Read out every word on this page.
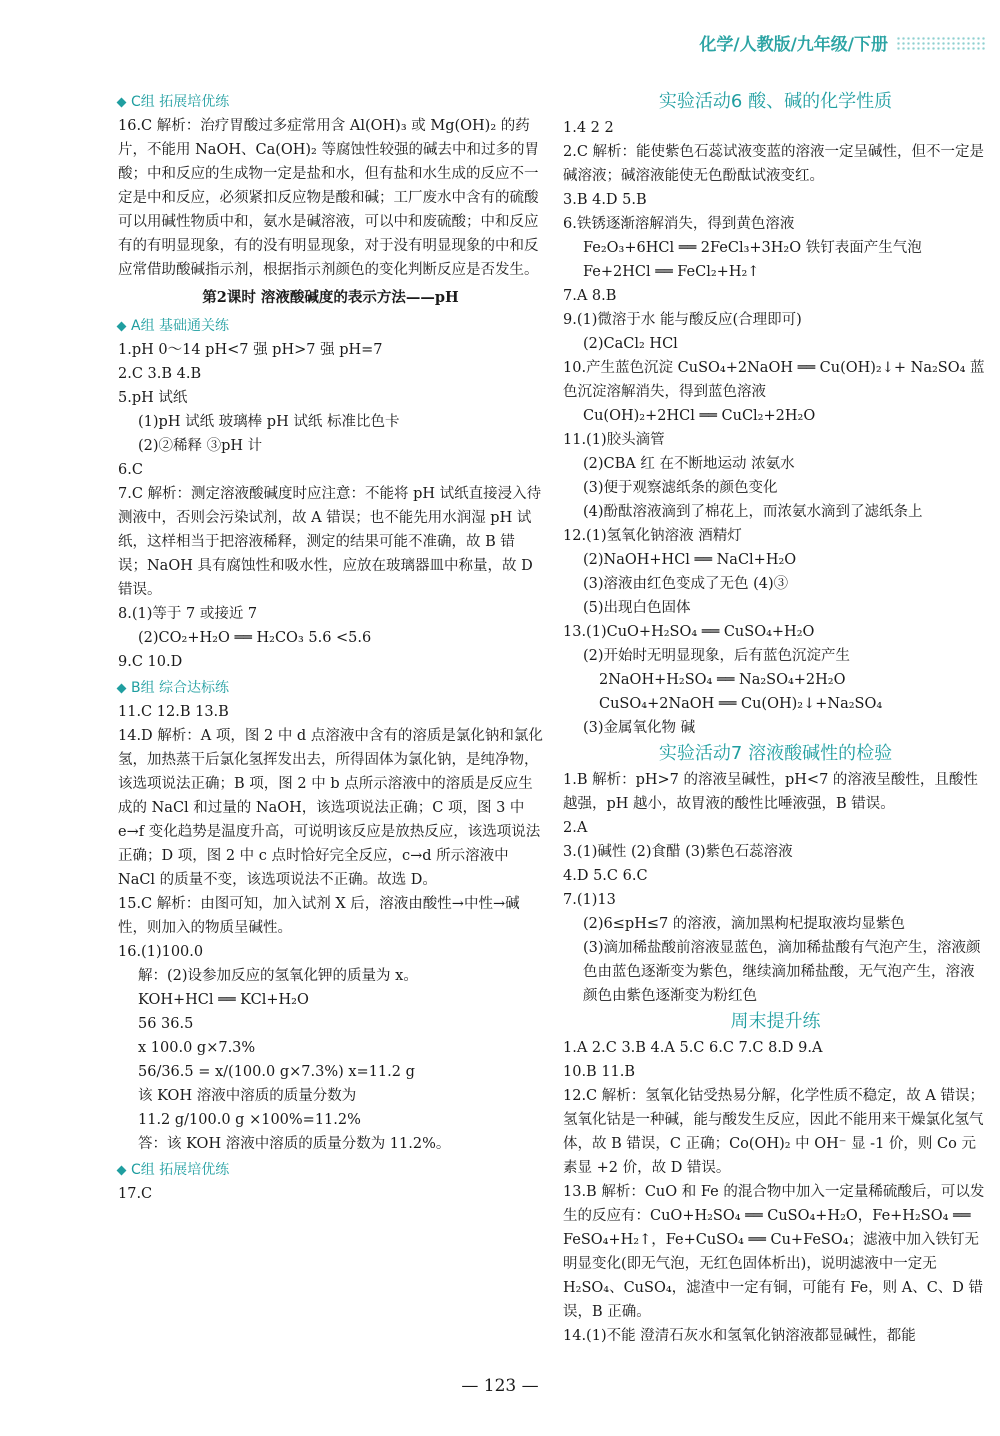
化学/人教版/九年级/下册
C组 拓展培优练
16.C 解析：治疗胃酸过多症常用含 Al(OH)₃ 或 Mg(OH)₂ 的药片，不能用 NaOH、Ca(OH)₂ 等腐蚀性较强的碱去中和过多的胃酸；中和反应的生成物一定是盐和水，但有盐和水生成的反应不一定是中和反应，必须紧扣反应物是酸和碱；工厂废水中含有的硫酸可以用碱性物质中和，氨水是碱溶液，可以中和废硫酸；中和反应有的有明显现象，有的没有明显现象，对于没有明显现象的中和反应常借助酸碱指示剂，根据指示剂颜色的变化判断反应是否发生。
第2课时 溶液酸碱度的表示方法——pH
A组 基础通关练
1.pH 0～14 pH<7 强 pH>7 强 pH=7
2.C 3.B 4.B
5.pH 试纸
(1)pH 试纸 玻璃棒 pH 试纸 标准比色卡
(2)②稀释 ③pH 计
6.C
7.C 解析：测定溶液酸碱度时应注意：不能将 pH 试纸直接浸入待测液中，否则会污染试剂，故 A 错误；也不能先用水润湿 pH 试纸，这样相当于把溶液稀释，测定的结果可能不准确，故 B 错误；NaOH 具有腐蚀性和吸水性，应放在玻璃器皿中称量，故 D 错误。
8.(1)等于 7 或接近 7
(2)CO₂+H₂O ══ H₂CO₃ 5.6 <5.6
9.C 10.D
B组 综合达标练
11.C 12.B 13.B
14.D 解析：A 项，图 2 中 d 点溶液中含有的溶质是氯化钠和氯化氢，加热蒸干后氯化氢挥发出去，所得固体为氯化钠，是纯净物，该选项说法正确；B 项，图 2 中 b 点所示溶液中的溶质是反应生成的 NaCl 和过量的 NaOH，该选项说法正确；C 项，图 3 中 e→f 变化趋势是温度升高，可说明该反应是放热反应，该选项说法正确；D 项，图 2 中 c 点时恰好完全反应，c→d 所示溶液中 NaCl 的质量不变，该选项说法不正确。故选 D。
15.C 解析：由图可知，加入试剂 X 后，溶液由酸性→中性→碱性，则加入的物质呈碱性。
16.(1)100.0
解：(2)设参加反应的氢氧化钾的质量为 x。
KOH+HCl ══ KCl+H₂O
56 36.5
x 100.0 g×7.3%
56/36.5 = x/(100.0 g×7.3%) x=11.2 g
该 KOH 溶液中溶质的质量分数为
11.2 g/100.0 g ×100%=11.2%
答：该 KOH 溶液中溶质的质量分数为 11.2%。
C组 拓展培优练
17.C
实验活动6 酸、碱的化学性质
1.4 2 2
2.C 解析：能使紫色石蕊试液变蓝的溶液一定呈碱性，但不一定是碱溶液；碱溶液能使无色酚酞试液变红。
3.B 4.D 5.B
6.铁锈逐渐溶解消失，得到黄色溶液
Fe₂O₃+6HCl ══ 2FeCl₃+3H₂O 铁钉表面产生气泡
Fe+2HCl ══ FeCl₂+H₂↑
7.A 8.B
9.(1)微溶于水 能与酸反应(合理即可)
(2)CaCl₂ HCl
10.产生蓝色沉淀 CuSO₄+2NaOH ══ Cu(OH)₂↓+ Na₂SO₄ 蓝色沉淀溶解消失，得到蓝色溶液
Cu(OH)₂+2HCl ══ CuCl₂+2H₂O
11.(1)胶头滴管
(2)CBA 红 在不断地运动 浓氨水
(3)便于观察滤纸条的颜色变化
(4)酚酞溶液滴到了棉花上，而浓氨水滴到了滤纸条上
12.(1)氢氧化钠溶液 酒精灯
(2)NaOH+HCl ══ NaCl+H₂O
(3)溶液由红色变成了无色 (4)③
(5)出现白色固体
13.(1)CuO+H₂SO₄ ══ CuSO₄+H₂O
(2)开始时无明显现象，后有蓝色沉淀产生
2NaOH+H₂SO₄ ══ Na₂SO₄+2H₂O
CuSO₄+2NaOH ══ Cu(OH)₂↓+Na₂SO₄
(3)金属氧化物 碱
实验活动7 溶液酸碱性的检验
1.B 解析：pH>7 的溶液呈碱性，pH<7 的溶液呈酸性，且酸性越强，pH 越小，故胃液的酸性比唾液强，B 错误。
2.A
3.(1)碱性 (2)食醋 (3)紫色石蕊溶液
4.D 5.C 6.C
7.(1)13
(2)6≤pH≤7 的溶液，滴加黑枸杞提取液均显紫色
(3)滴加稀盐酸前溶液显蓝色，滴加稀盐酸有气泡产生，溶液颜色由蓝色逐渐变为紫色，继续滴加稀盐酸，无气泡产生，溶液颜色由紫色逐渐变为粉红色
周末提升练
1.A 2.C 3.B 4.A 5.C 6.C 7.C 8.D 9.A
10.B 11.B
12.C 解析：氢氧化钴受热易分解，化学性质不稳定，故 A 错误；氢氧化钴是一种碱，能与酸发生反应，因此不能用来干燥氯化氢气体，故 B 错误，C 正确；Co(OH)₂ 中 OH⁻ 显 -1 价，则 Co 元素显 +2 价，故 D 错误。
13.B 解析：CuO 和 Fe 的混合物中加入一定量稀硫酸后，可以发生的反应有：CuO+H₂SO₄ ══ CuSO₄+H₂O，Fe+H₂SO₄ ══ FeSO₄+H₂↑，Fe+CuSO₄ ══ Cu+FeSO₄；滤液中加入铁钉无明显变化(即无气泡，无红色固体析出)，说明滤液中一定无 H₂SO₄、CuSO₄，滤渣中一定有铜，可能有 Fe，则 A、C、D 错误，B 正确。
14.(1)不能 澄清石灰水和氢氧化钠溶液都显碱性，都能
— 123 —
